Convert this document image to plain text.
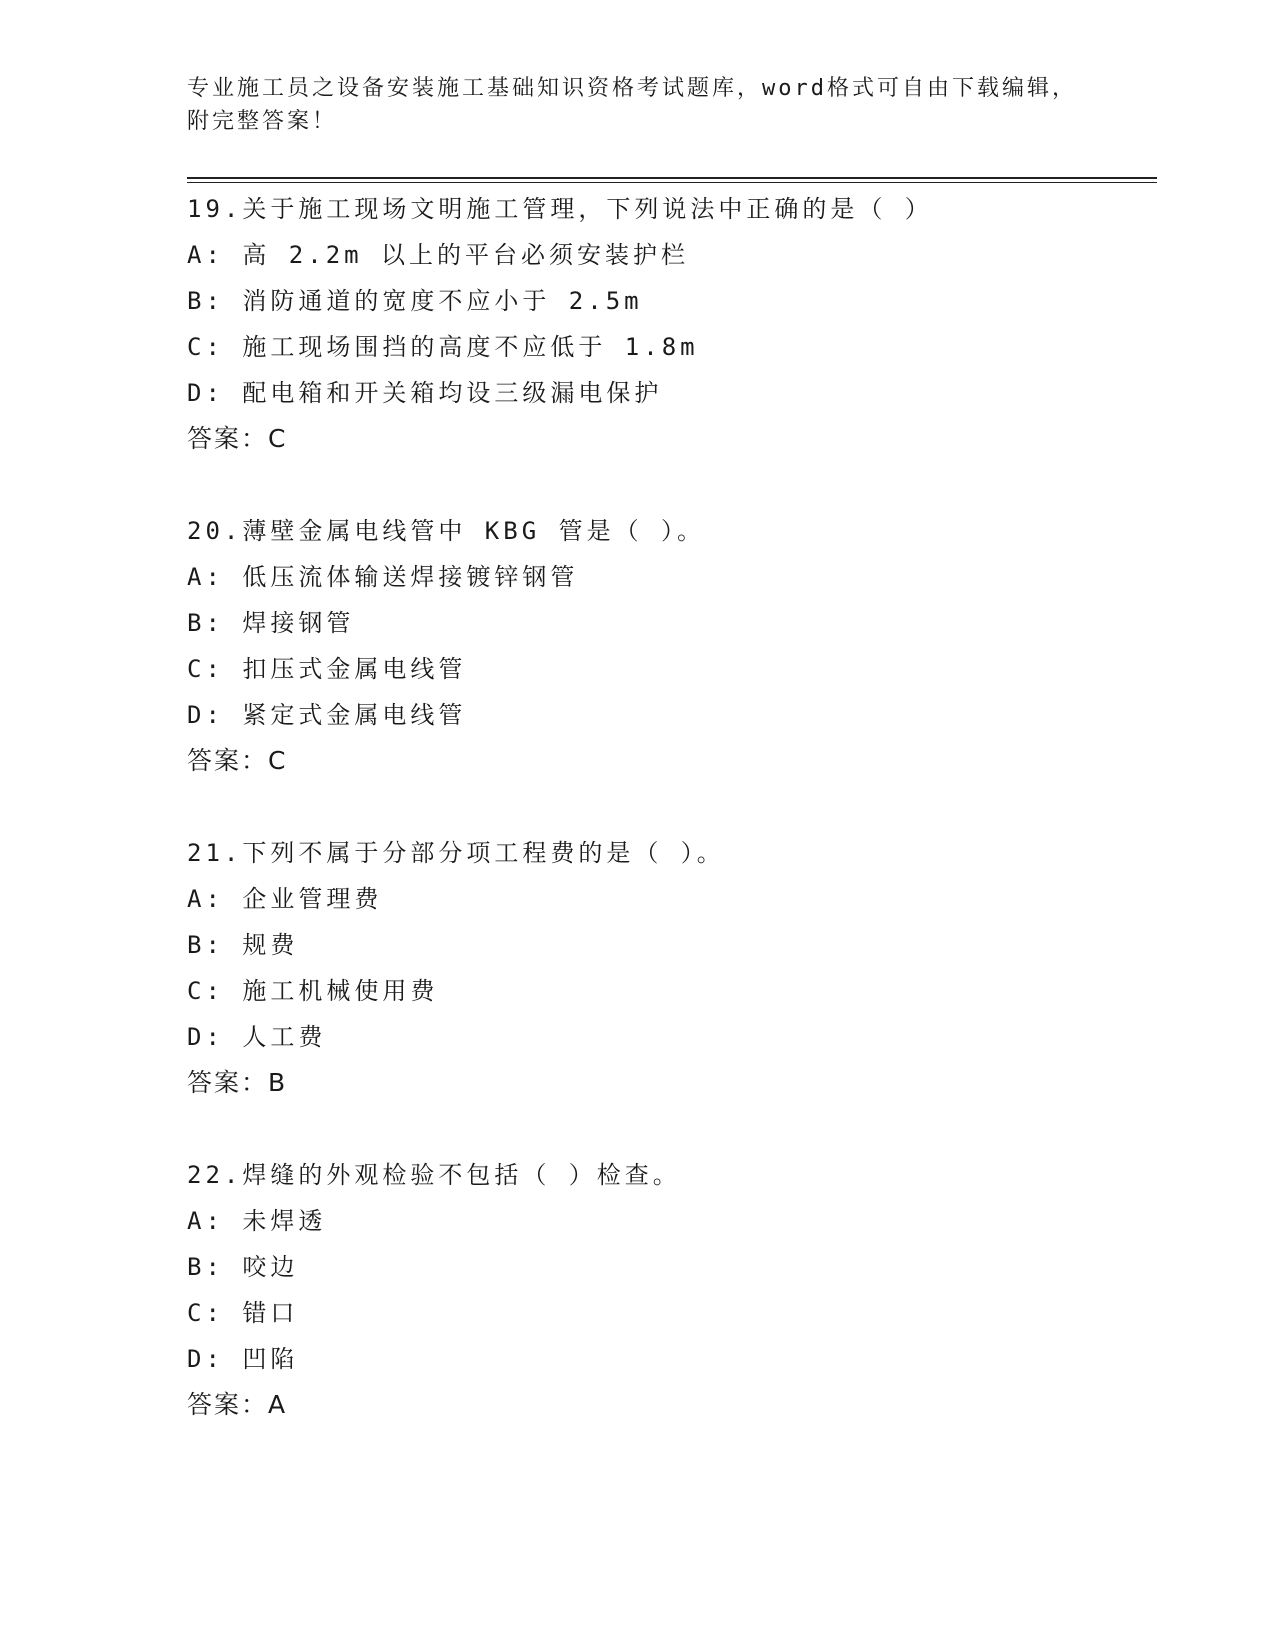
专业施工员之设备安装施工基础知识资格考试题库，word格式可自由下载编辑，
附完整答案！
19.关于施工现场文明施工管理，下列说法中正确的是（ ）
A: 高 2.2m 以上的平台必须安装护栏
B: 消防通道的宽度不应小于 2.5m
C: 施工现场围挡的高度不应低于 1.8m
D: 配电箱和开关箱均设三级漏电保护
答案：C
20.薄壁金属电线管中 KBG 管是（ ）。
A: 低压流体输送焊接镀锌钢管
B: 焊接钢管
C: 扣压式金属电线管
D: 紧定式金属电线管
答案：C
21.下列不属于分部分项工程费的是（ ）。
A: 企业管理费
B: 规费
C: 施工机械使用费
D: 人工费
答案：B
22.焊缝的外观检验不包括（ ）检查。
A: 未焊透
B: 咬边
C: 错口
D: 凹陷
答案：A
